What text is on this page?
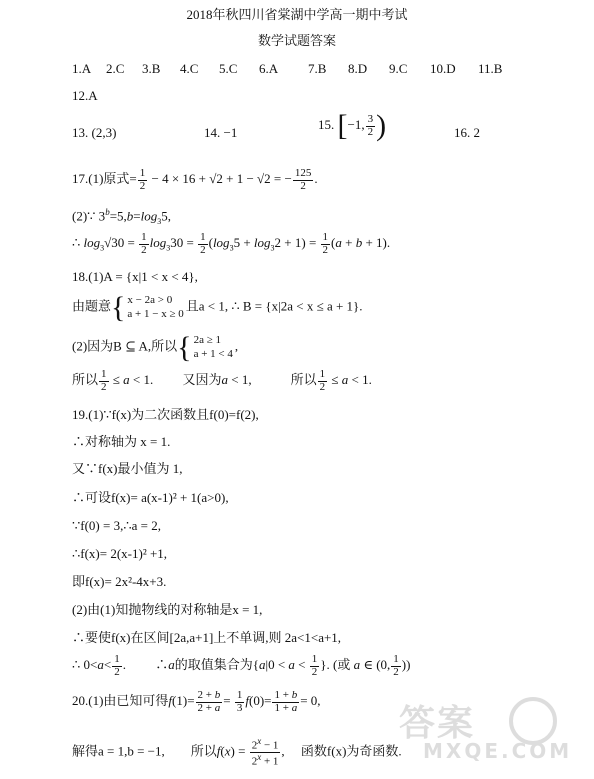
2018年秋四川省棠湖中学高一期中考试
数学试题答案
1.A 2.C 3.B 4.C 5.C 6.A 7.B 8.D 9.C 10.D 11.B
12.A
13. (2,3)	14. −1
15. [−1, $\frac{3}{2}$ )	16. 2
17.(1)原式= $\frac{1}{2} - 4 \times 16 + √2 + 1 - √2$ = − $\frac{125}{2}$ .
(2)∵ $3^b=5,b=\log_35$,
∴ $\log_3√30 = \frac{1}{2} \log_330 = \frac{1}{2} (\log_35 + \log_32 + 1) = \frac{1}{2} (a + b + 1)$.
18.(1)A = {x|1 < x < 4},
由题意{ x − 2a > 0
a + 1 − x ≥ 0
且a < 1, ∴ B = {x|2a < x ≤ a + 1}.
(2)因为B ⊆ A,所以{ 2a ≥ 1
a + 1 < 4
,
所以 $\frac{1}{2} \le a < 1$.　　 又因为a < 1,　　　所以 $\frac{1}{2} \le a < 1$.
19.(1)∵f(x)为二次函数且f(0)=f(2),
∴对称轴为 x = 1.
又∵f(x)最小值为 1,
∴可设f(x)= a(x-1)² + 1(a>0),
∵f(0) = 3,∴a = 2,
∴f(x)= 2(x-1)² +1,
即f(x)= 2x²-4x+3.
(2)由(1)知抛物线的对称轴是x = 1,
∴要使f(x)在区间[2a,a+1]上不单调,则 2a<1<a+1,
∴ $0<a< \frac{1}{2}$ .　　 ∴a的取值集合为{$a|0 < a < \frac{1}{2}$ }. (或 a ∈ (0, $\frac{1}{2}$ ))
20.(1)由已知可得$f(1)= \frac{2 + b}{2 + a} = \frac{1}{3} f(0)= \frac{1 + b}{1 + a} = 0$,
解得a = 1,b = −1,　　所以$f(x) = \frac{2^x - 1}{2^x + 1}$ ,　 函数f(x)为奇函数.
答案
MXQE.COM
